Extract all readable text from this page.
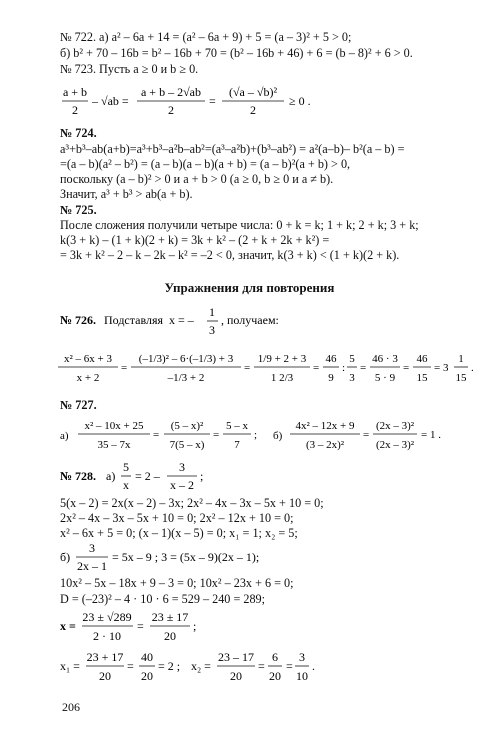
№ 722. а) a² – 6a + 14 = (a² – 6a + 9) + 5 = (a – 3)² + 5 > 0;
б) b² + 70 – 16b = b² – 16b + 70 = (b² – 16b + 46) + 6 = (b – 8)² + 6 > 0.
№ 723. Пусть a ≥ 0 и b ≥ 0.
a + b
2
– √ab =
a + b – 2√ab
2
=
(√a – √b)²
2
≥ 0 .
№ 724.
a³+b³–ab(a+b)=a³+b³–a²b–ab²=(a³–a²b)+(b³–ab²) = a²(a–b)– b²(a – b) =
=(a – b)(a² – b²) = (a – b)(a – b)(a + b) = (a – b)²(a + b) > 0,
поскольку (a – b)² > 0 и a + b > 0 (a ≥ 0, b ≥ 0 и a ≠ b).
Значит, a³ + b³ > ab(a + b).
№ 725.
После сложения получили четыре числа: 0 + k = k; 1 + k; 2 + k; 3 + k;
k(3 + k) – (1 + k)(2 + k) = 3k + k² – (2 + k + 2k + k²) =
= 3k + k² – 2 – k – 2k – k² = –2 < 0, значит, k(3 + k) < (1 + k)(2 + k).
Упражнения для повторения
№ 726. Подставляя x = –
1
3
, получаем:
x² – 6x + 3
x + 2
=
(–1/3)² – 6·(–1/3) + 3
–1/3 + 2
=
1/9 + 2 + 3
1 2/3
=
46
9
:
5
3
=
46 · 3
5 · 9
=
46
15
= 3
1
15
.
№ 727.
а)
x² – 10x + 25
35 – 7x
=
(5 – x)²
7(5 – x)
=
5 – x
7
; б)
4x² – 12x + 9
(3 – 2x)²
=
(2x – 3)²
(2x – 3)²
= 1 .
№ 728. а)
5
x
= 2 –
3
x – 2
;
5(x – 2) = 2x(x – 2) – 3x; 2x² – 4x – 3x – 5x + 10 = 0;
2x² – 4x – 3x – 5x + 10 = 0; 2x² – 12x + 10 = 0;
x² – 6x + 5 = 0; (x – 1)(x – 5) = 0; x₁ = 1; x₂ = 5;
б)
3
2x – 1
= 5x – 9 ; 3 = (5x – 9)(2x – 1);
10x² – 5x – 18x + 9 – 3 = 0; 10x² – 23x + 6 = 0;
D = (–23)² – 4 · 10 · 6 = 529 – 240 = 289;
x =
23 ± √289
2 · 10
=
23 ± 17
20
;
x₁ =
23 + 17
20
=
40
20
= 2 ; x₂ =
23 – 17
20
=
6
20
=
3
10
.
206
